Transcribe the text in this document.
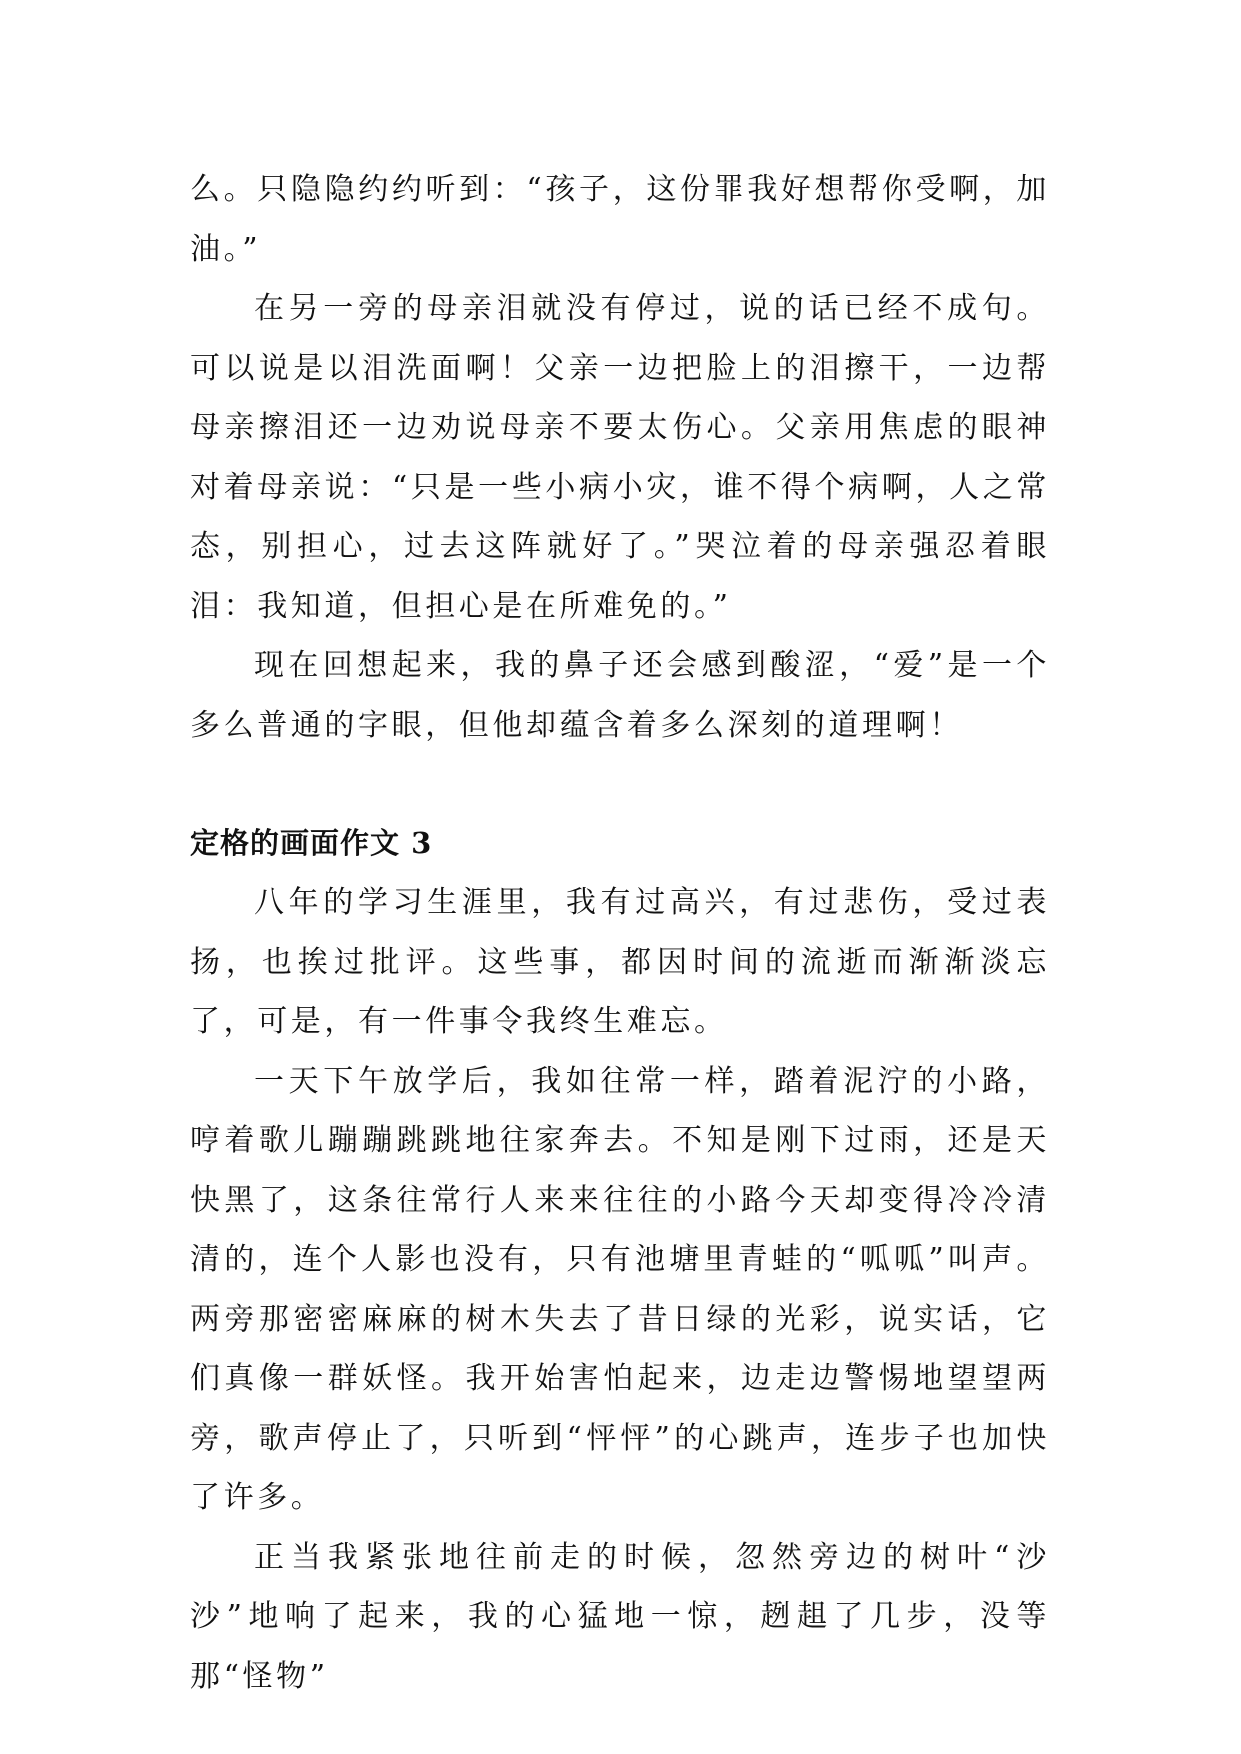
么。只隐隐约约听到：“孩子，这份罪我好想帮你受啊，加油。”

在另一旁的母亲泪就没有停过，说的话已经不成句。可以说是以泪洗面啊！父亲一边把脸上的泪擦干，一边帮母亲擦泪还一边劝说母亲不要太伤心。父亲用焦虑的眼神对着母亲说：“只是一些小病小灾，谁不得个病啊，人之常态，别担心，过去这阵就好了。”哭泣着的母亲强忍着眼泪：我知道，但担心是在所难免的。”

现在回想起来，我的鼻子还会感到酸涩，“爱”是一个多么普通的字眼，但他却蕴含着多么深刻的道理啊！

定格的画面作文 3

八年的学习生涯里，我有过高兴，有过悲伤，受过表扬，也挨过批评。这些事，都因时间的流逝而渐渐淡忘了，可是，有一件事令我终生难忘。

一天下午放学后，我如往常一样，踏着泥泞的小路，哼着歌儿蹦蹦跳跳地往家奔去。不知是刚下过雨，还是天快黑了，这条往常行人来来往往的小路今天却变得冷冷清清的，连个人影也没有，只有池塘里青蛙的“呱呱”叫声。两旁那密密麻麻的树木失去了昔日绿的光彩，说实话，它们真像一群妖怪。我开始害怕起来，边走边警惕地望望两旁，歌声停止了，只听到“怦怦”的心跳声，连步子也加快了许多。

正当我紧张地往前走的时候，忽然旁边的树叶“沙沙”地响了起来，我的心猛地一惊，趔趄了几步，没等那“怪物”
